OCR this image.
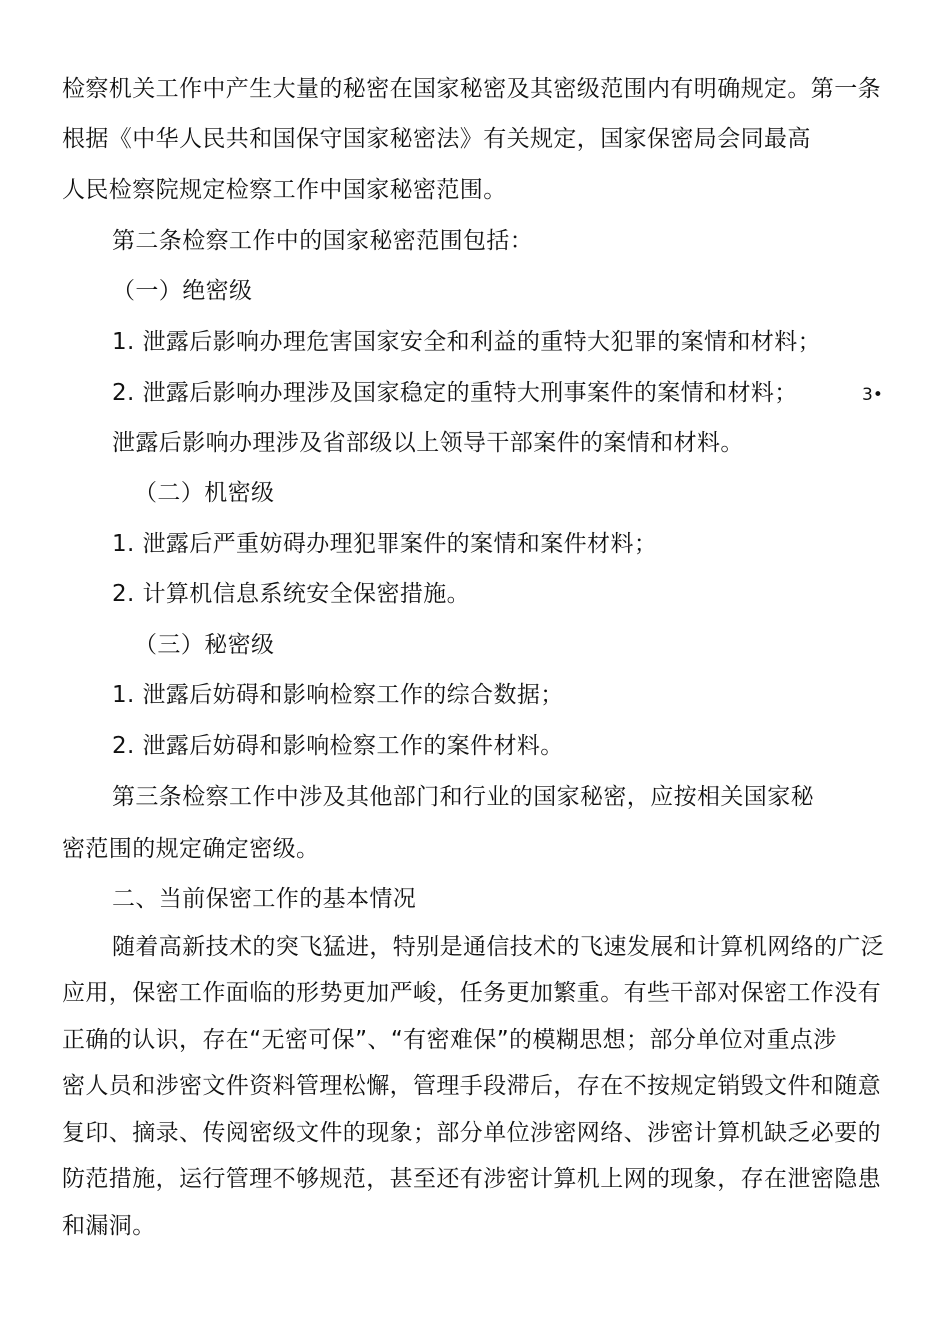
检察机关工作中产生大量的秘密在国家秘密及其密级范围内有明确规定。第一条
根据《中华人民共和国保守国家秘密法》有关规定，国家保密局会同最高
人民检察院规定检察工作中国家秘密范围。
第二条检察工作中的国家秘密范围包括：
（一）绝密级
1. 泄露后影响办理危害国家安全和利益的重特大犯罪的案情和材料；
2. 泄露后影响办理涉及国家稳定的重特大刑事案件的案情和材料；	3•
泄露后影响办理涉及省部级以上领导干部案件的案情和材料。
（二）机密级
1. 泄露后严重妨碍办理犯罪案件的案情和案件材料；
2. 计算机信息系统安全保密措施。
（三）秘密级
1. 泄露后妨碍和影响检察工作的综合数据；
2. 泄露后妨碍和影响检察工作的案件材料。
第三条检察工作中涉及其他部门和行业的国家秘密，应按相关国家秘
密范围的规定确定密级。
二、当前保密工作的基本情况
随着高新技术的突飞猛进，特别是通信技术的飞速发展和计算机网络的广泛
应用，保密工作面临的形势更加严峻，任务更加繁重。有些干部对保密工作没有
正确的认识，存在“无密可保”、“有密难保”的模糊思想；部分单位对重点涉
密人员和涉密文件资料管理松懈，管理手段滞后，存在不按规定销毁文件和随意
复印、摘录、传阅密级文件的现象；部分单位涉密网络、涉密计算机缺乏必要的
防范措施，运行管理不够规范，甚至还有涉密计算机上网的现象，存在泄密隐患
和漏洞。
